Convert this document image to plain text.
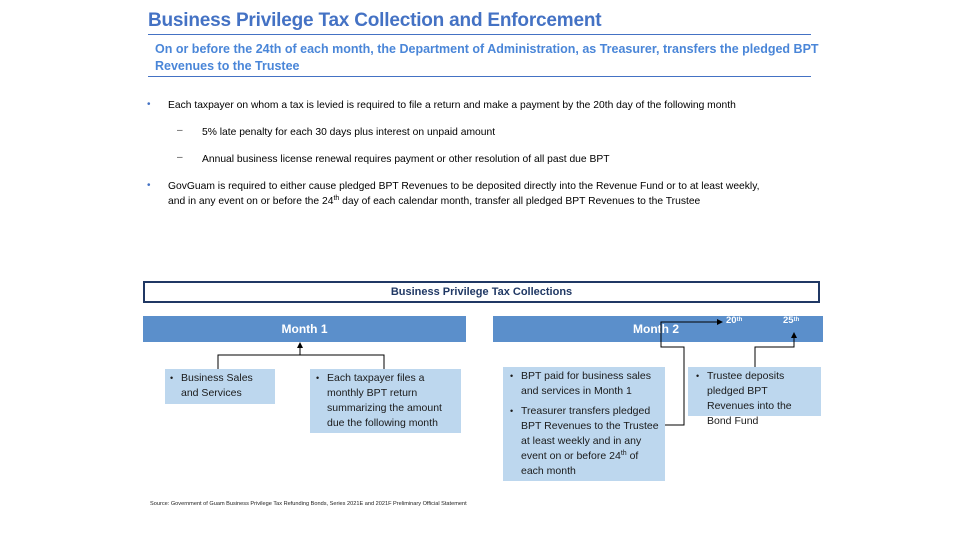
Business Privilege Tax Collection and Enforcement
On or before the 24th of each month, the Department of Administration, as Treasurer, transfers the pledged BPT Revenues to the Trustee
• Each taxpayer on whom a tax is levied is required to file a return and make a payment by the 20th day of the following month
– 5% late penalty for each 30 days plus interest on unpaid amount
– Annual business license renewal requires payment or other resolution of all past due BPT
• GovGuam is required to either cause pledged BPT Revenues to be deposited directly into the Revenue Fund or to at least weekly,
and in any event on or before the 24th day of each calendar month, transfer all pledged BPT Revenues to the Trustee
Business Privilege Tax Collections
Month 1	Month 2
20th	25th
• Business Sales and Services
• Each taxpayer files a monthly BPT return summarizing the amount due the following month
• BPT paid for business sales and services in Month 1
• Treasurer transfers pledged BPT Revenues to the Trustee at least weekly and in any event on or before 24th of each month
• Trustee deposits pledged BPT Revenues into the Bond Fund
Source: Government of Guam Business Privilege Tax Refunding Bonds, Series 2021E and 2021F Preliminary Official Statement
